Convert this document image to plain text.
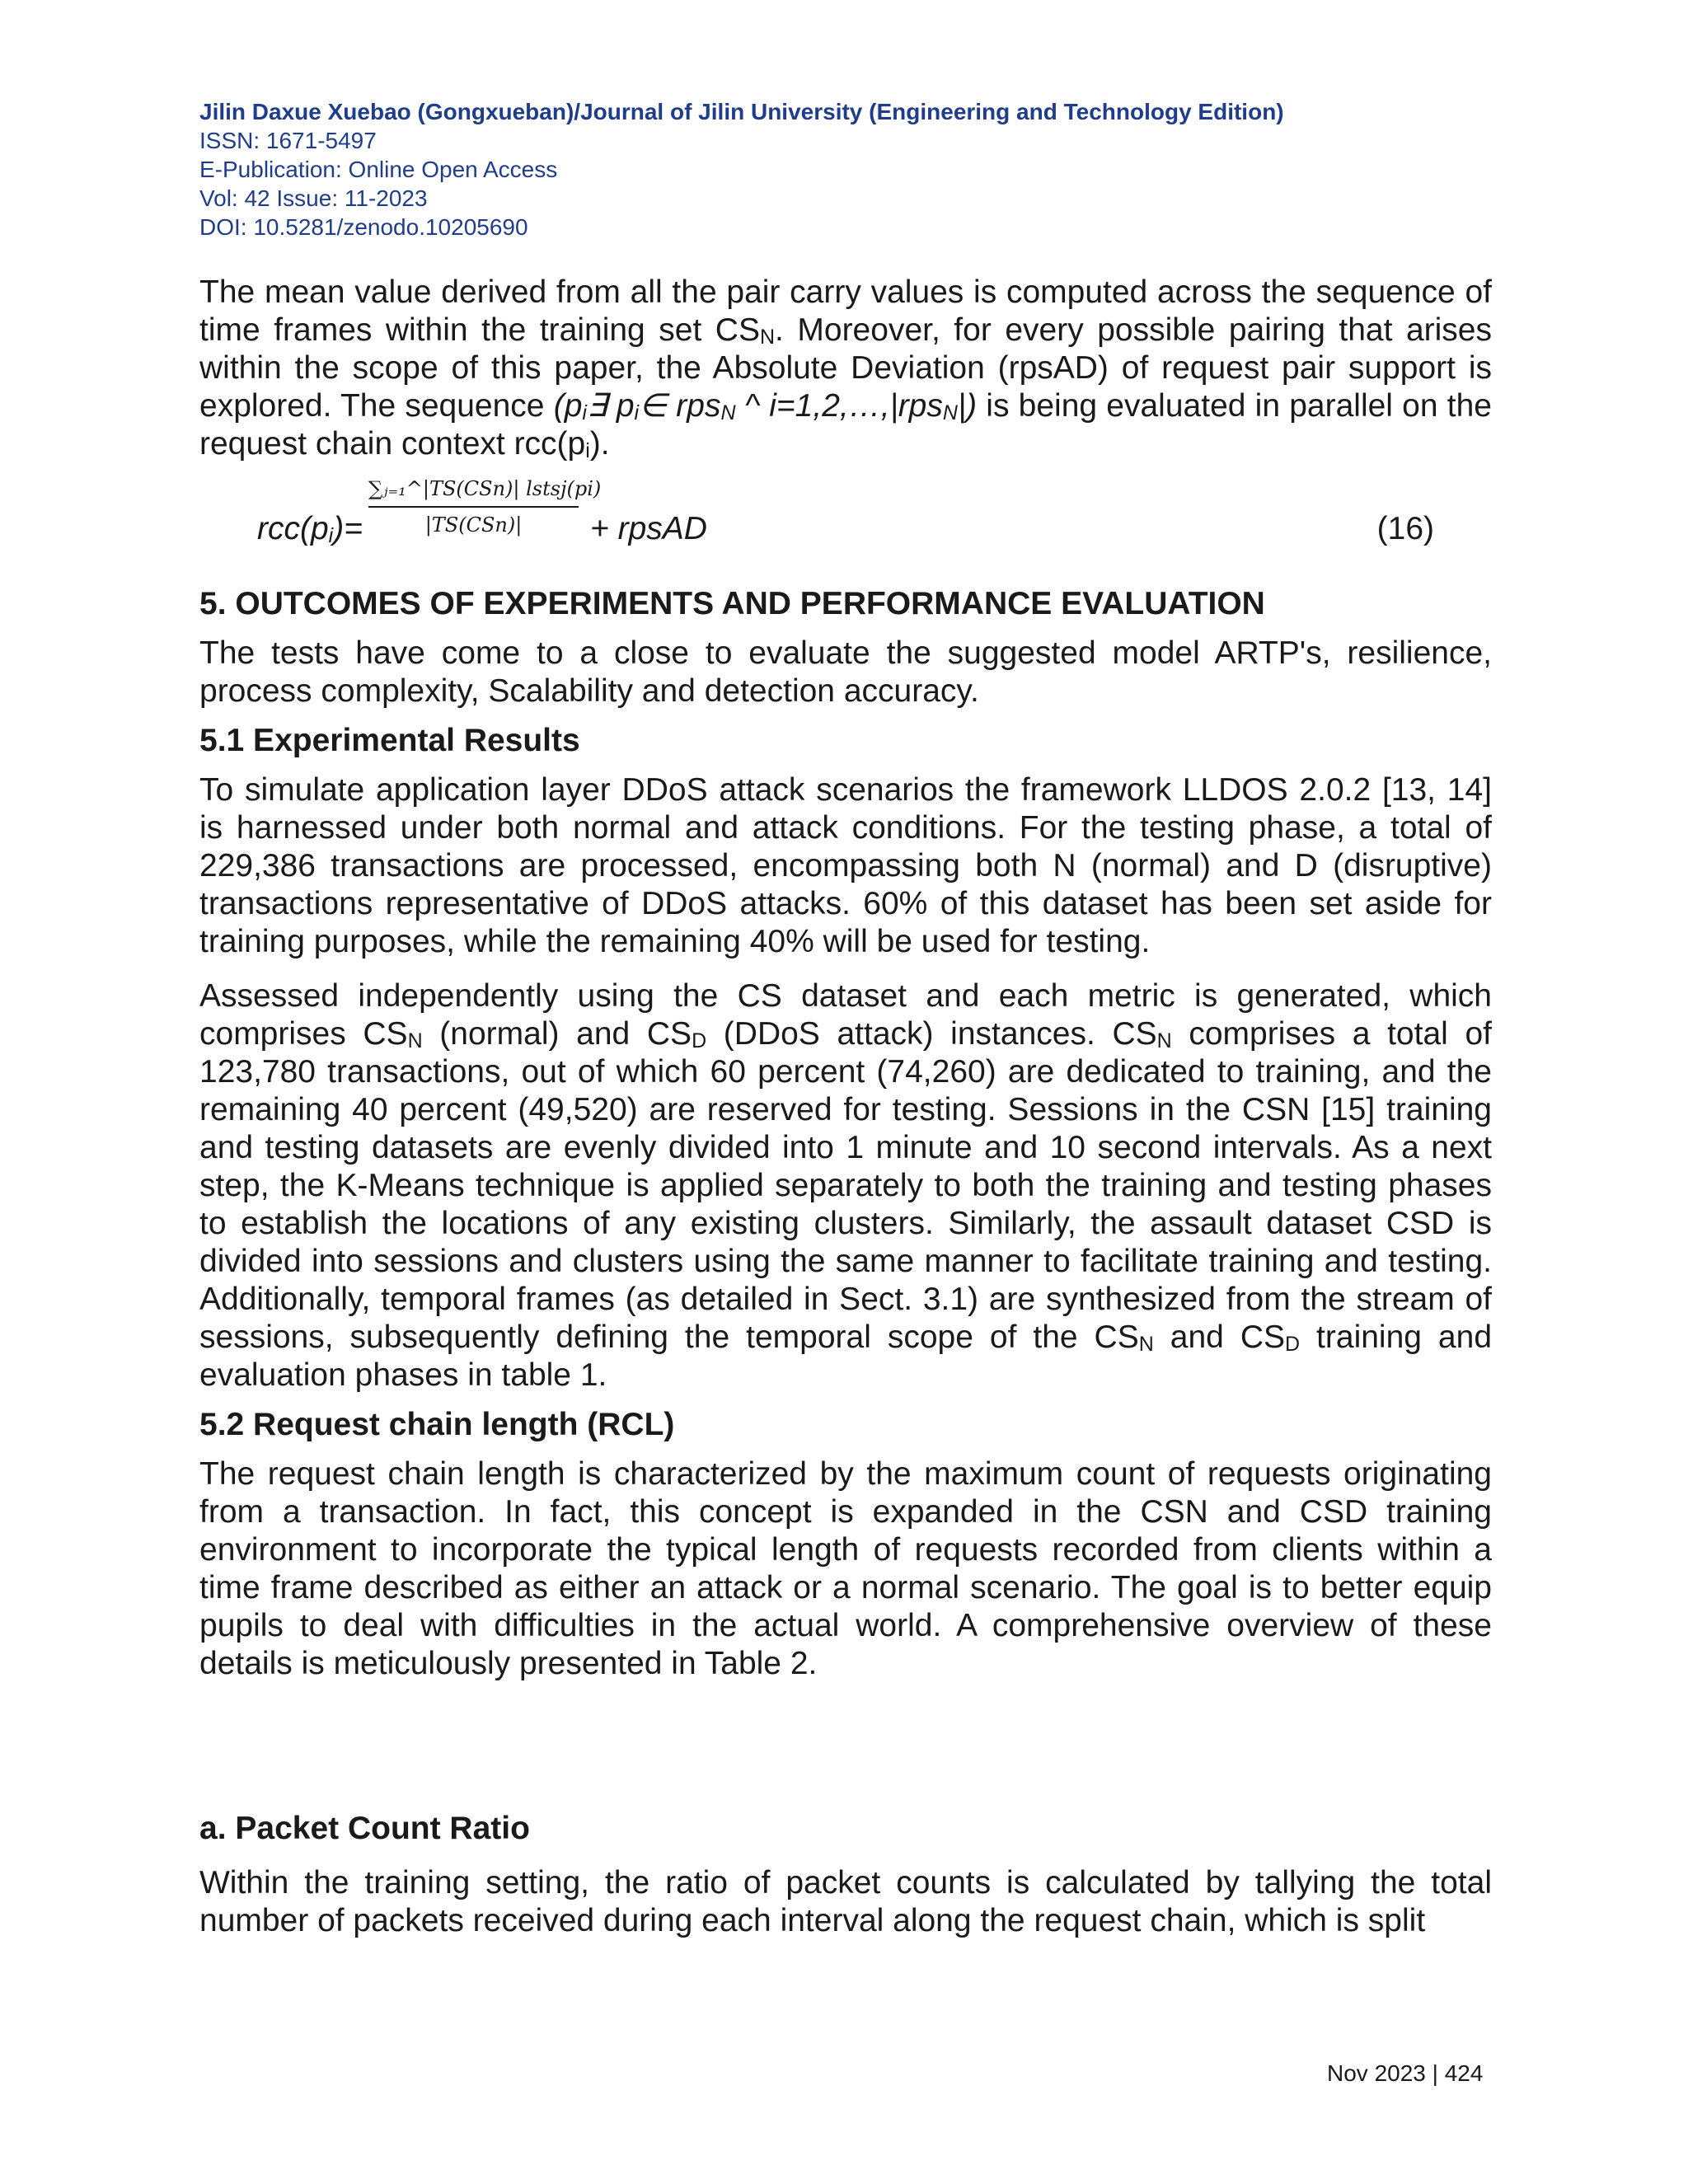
Jilin Daxue Xuebao (Gongxueban)/Journal of Jilin University (Engineering and Technology Edition)
ISSN: 1671-5497
E-Publication: Online Open Access
Vol: 42 Issue: 11-2023
DOI: 10.5281/zenodo.10205690

The mean value derived from all the pair carry values is computed across the sequence of time frames within the training set CSN. Moreover, for every possible pairing that arises within the scope of this paper, the Absolute Deviation (rpsAD) of request pair support is explored. The sequence (pi∃ pi∈ rpsN ^ i=1,2,…,|rpsN|) is being evaluated in parallel on the request chain context rcc(pi).

rcc(pi)=
∑ⱼ₌₁^|TS(CSn)| lstsj(pi)
|TS(CSn)|	+ rpsAD	(16)
5. OUTCOMES OF EXPERIMENTS AND PERFORMANCE EVALUATION

The tests have come to a close to evaluate the suggested model ARTP's, resilience, process complexity, Scalability and detection accuracy.

5.1 Experimental Results

To simulate application layer DDoS attack scenarios the framework LLDOS 2.0.2 [13, 14] is harnessed under both normal and attack conditions. For the testing phase, a total of 229,386 transactions are processed, encompassing both N (normal) and D (disruptive) transactions representative of DDoS attacks. 60% of this dataset has been set aside for training purposes, while the remaining 40% will be used for testing.

Assessed independently using the CS dataset and each metric is generated, which comprises CSN (normal) and CSD (DDoS attack) instances. CSN comprises a total of 123,780 transactions, out of which 60 percent (74,260) are dedicated to training, and the remaining 40 percent (49,520) are reserved for testing. Sessions in the CSN [15] training and testing datasets are evenly divided into 1 minute and 10 second intervals. As a next step, the K-Means technique is applied separately to both the training and testing phases to establish the locations of any existing clusters. Similarly, the assault dataset CSD is divided into sessions and clusters using the same manner to facilitate training and testing. Additionally, temporal frames (as detailed in Sect. 3.1) are synthesized from the stream of sessions, subsequently defining the temporal scope of the CSN and CSD training and evaluation phases in table 1.

5.2 Request chain length (RCL)

The request chain length is characterized by the maximum count of requests originating from a transaction. In fact, this concept is expanded in the CSN and CSD training environment to incorporate the typical length of requests recorded from clients within a time frame described as either an attack or a normal scenario. The goal is to better equip pupils to deal with difficulties in the actual world. A comprehensive overview of these details is meticulously presented in Table 2.

a. Packet Count Ratio

Within the training setting, the ratio of packet counts is calculated by tallying the total number of packets received during each interval along the request chain, which is split

Nov 2023 | 424
